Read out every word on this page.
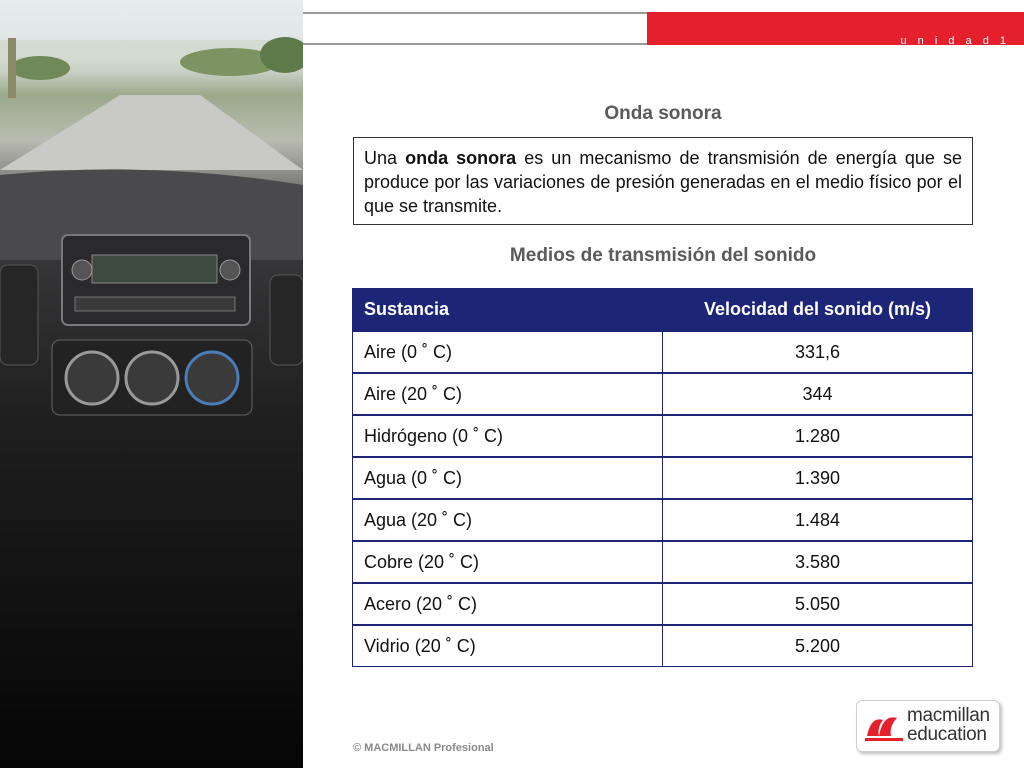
u n i d a d 1
Onda sonora
Una onda sonora es un mecanismo de transmisión de energía que se produce por las variaciones de presión generadas en el medio físico por el que se transmite.
Medios de transmisión del sonido
Sustancia	Velocidad del sonido (m/s)
Aire (0 ˚ C)	331,6
Aire (20 ˚ C)	344
Hidrógeno (0 ˚ C)	1.280
Agua (0 ˚ C)	1.390
Agua (20 ˚ C)	1.484
Cobre (20 ˚ C)	3.580
Acero (20 ˚ C)	5.050
Vidrio (20 ˚ C)	5.200
© MACMILLAN Profesional
macmillan
education
